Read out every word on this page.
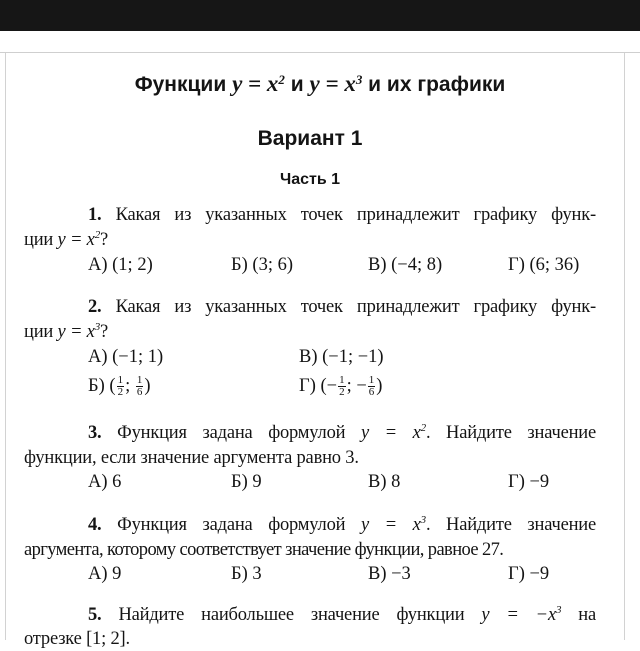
Функции $y = x^2$ и $y = x^3$ и их графики
Вариант 1
Часть 1
1. Какая из указанных точек принадлежит графику функ-
ции $y = x^2$?
А) (1; 2)	Б) (3; 6)	В) (−4; 8)	Г) (6; 36)
2. Какая из указанных точек принадлежит графику функ-
ции $y = x^3$?
А) (−1; 1)	В) (−1; −1)
Б) ( $\frac{1}{2}$ ; $\frac{1}{6}$ )	Г) (− $\frac{1}{2}$ ; − $\frac{1}{6}$ )
3. Функция задана формулой $y = x^2$. Найдите значение
функции, если значение аргумента равно 3.
А) 6	Б) 9	В) 8	Г) −9
4. Функция задана формулой $y = x^3$. Найдите значение
аргумента, которому соответствует значение функции, равное 27.
А) 9	Б) 3	В) −3	Г) −9
5. Найдите наибольшее значение функции $y = -x^3$ на
отрезке [1; 2].
